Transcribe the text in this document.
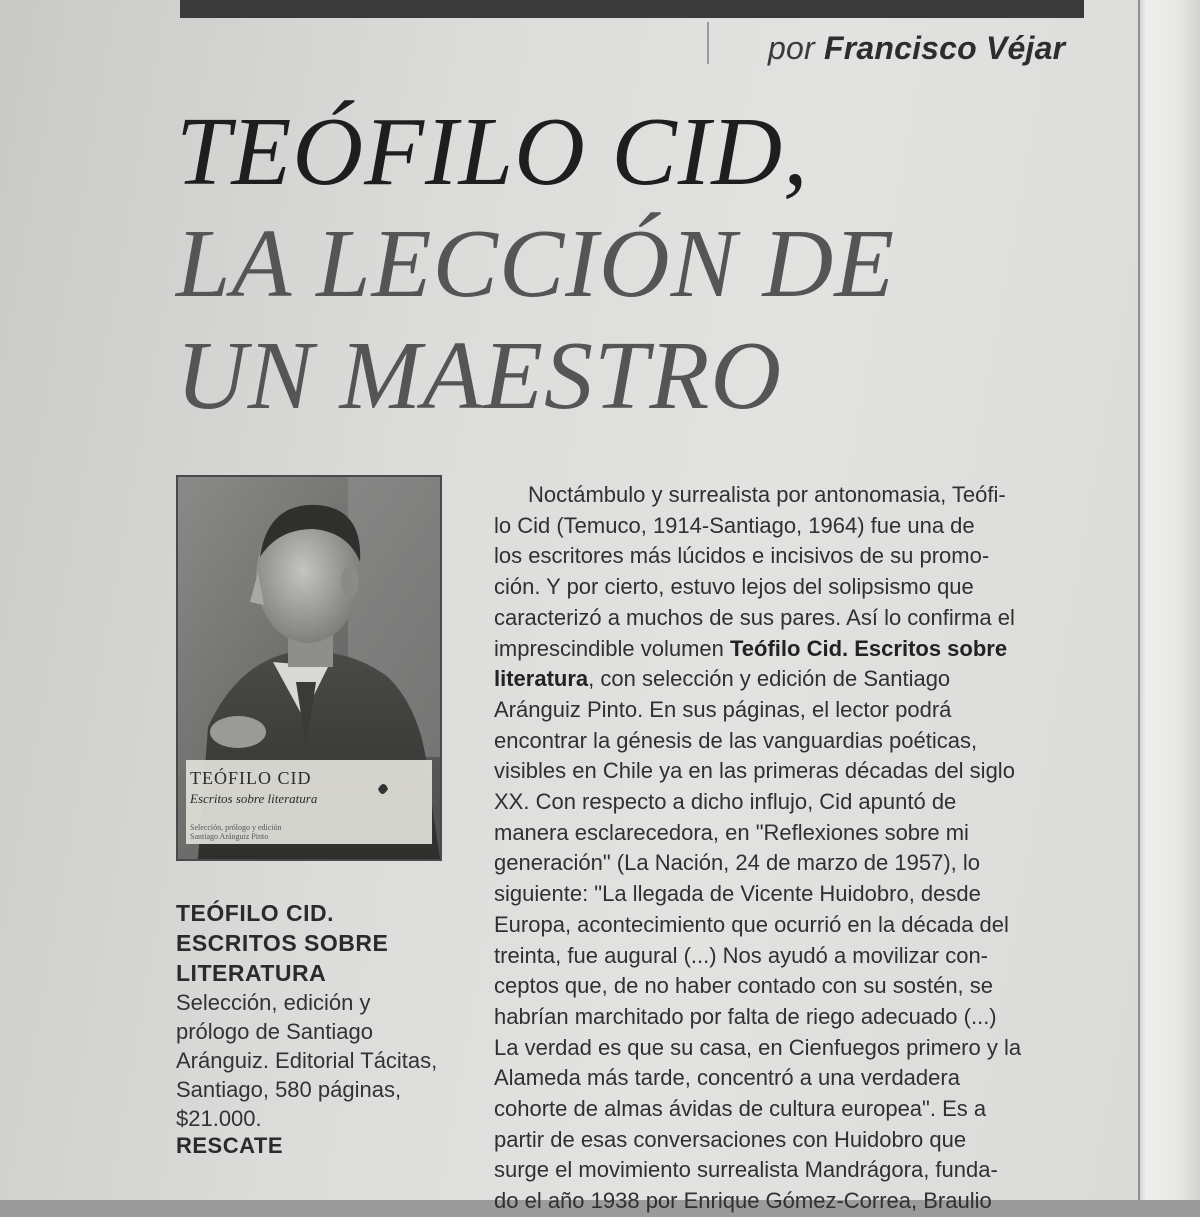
por Francisco Véjar
TEÓFILO CID,
LA LECCIÓN DE
UN MAESTRO
TEÓFILO CID
Escritos sobre literatura
Selección, prólogo y edición
Santiago Aránguiz Pinto
TEÓFILO CID.
ESCRITOS SOBRE
LITERATURA
Selección, edición y prólogo de Santiago Aránguiz. Editorial Tácitas, Santiago, 580 páginas, $21.000.
RESCATE
Noctámbulo y surrealista por antonomasia, Teófi-
lo Cid (Temuco, 1914-Santiago, 1964) fue una de
los escritores más lúcidos e incisivos de su promo-
ción. Y por cierto, estuvo lejos del solipsismo que
caracterizó a muchos de sus pares. Así lo confirma el
imprescindible volumen Teófilo Cid. Escritos sobre
literatura, con selección y edición de Santiago
Aránguiz Pinto. En sus páginas, el lector podrá
encontrar la génesis de las vanguardias poéticas,
visibles en Chile ya en las primeras décadas del siglo
XX. Con respecto a dicho influjo, Cid apuntó de
manera esclarecedora, en "Reflexiones sobre mi
generación" (La Nación, 24 de marzo de 1957), lo
siguiente: "La llegada de Vicente Huidobro, desde
Europa, acontecimiento que ocurrió en la década del
treinta, fue augural (...) Nos ayudó a movilizar con-
ceptos que, de no haber contado con su sostén, se
habrían marchitado por falta de riego adecuado (...)
La verdad es que su casa, en Cienfuegos primero y la
Alameda más tarde, concentró a una verdadera
cohorte de almas ávidas de cultura europea". Es a
partir de esas conversaciones con Huidobro que
surge el movimiento surrealista Mandrágora, funda-
do el año 1938 por Enrique Gómez-Correa, Braulio
